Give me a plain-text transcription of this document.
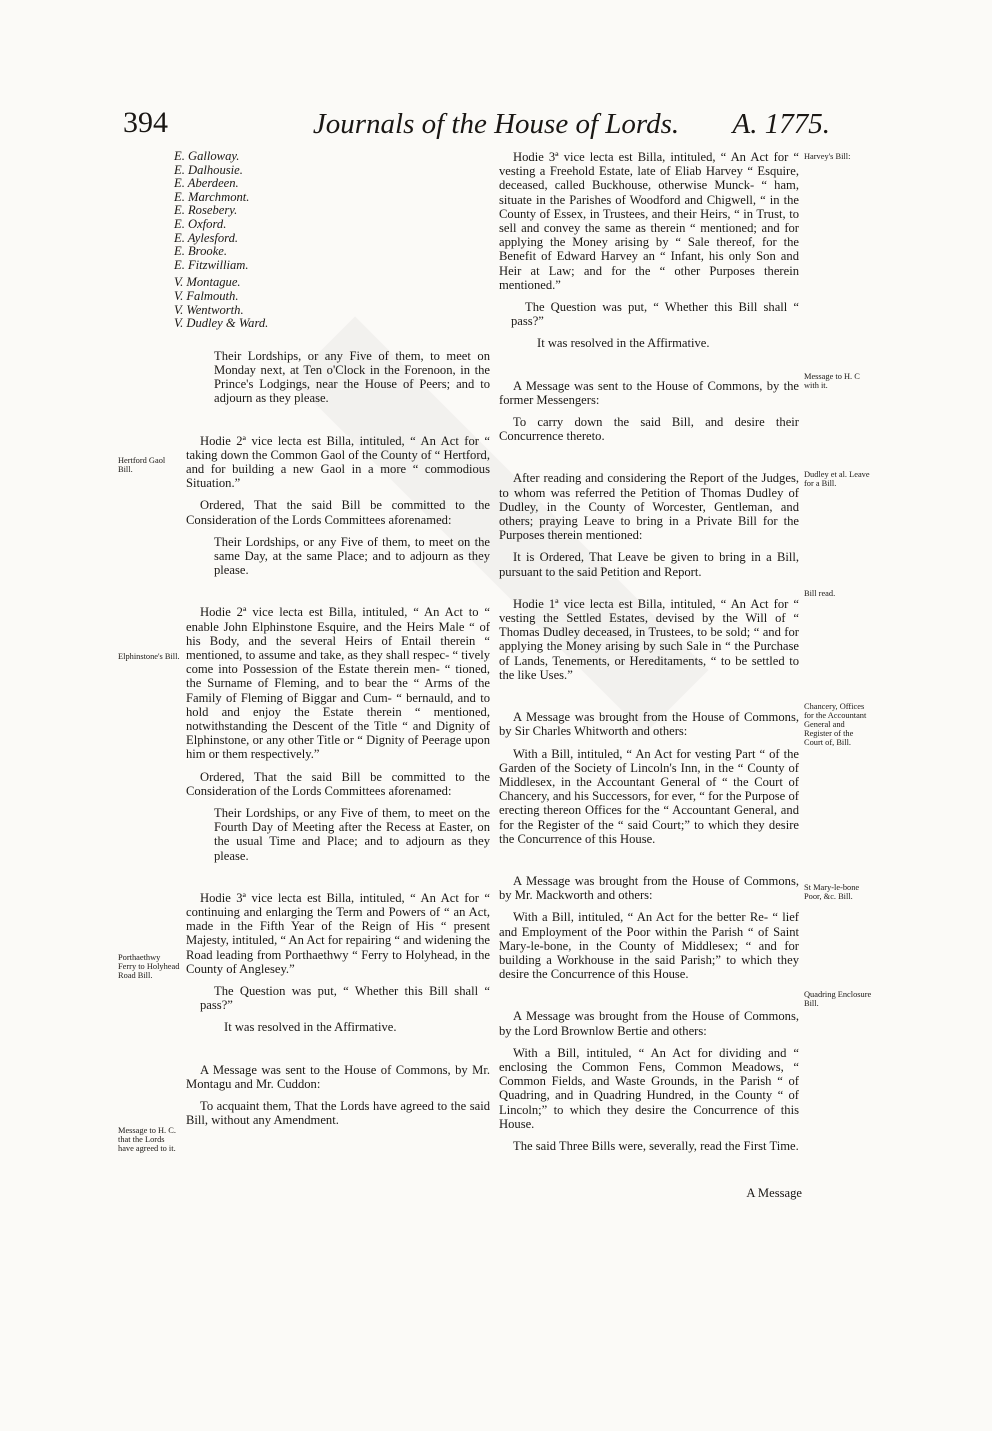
394	Journals of the House of Lords.	A. 1775.
Hertford Gaol Bill.
Elphinstone's Bill.
Porthaethwy Ferry to Holyhead Road Bill.
Message to H. C. that the Lords have agreed to it.
Harvey's Bill:
Message to H. C with it.
Dudley et al. Leave for a Bill.
Bill read.
Chancery, Offices for the Accountant General and Register of the Court of, Bill.
St Mary-le-bone Poor, &c. Bill.
Quadring Enclosure Bill.
E. Galloway.
E. Dalhousie.
E. Aberdeen.
E. Marchmont.
E. Rosebery.
E. Oxford.
E. Aylesford.
E. Brooke.
E. Fitzwilliam.
V. Montague.
V. Falmouth.
V. Wentworth.
V. Dudley & Ward.

Their Lordships, or any Five of them, to meet on Monday next, at Ten o'Clock in the Forenoon, in the Prince's Lodgings, near the House of Peers; and to adjourn as they please.

Hodie 2ª vice lecta est Billa, intituled, “ An Act for “ taking down the Common Gaol of the County of “ Hertford, and for building a new Gaol in a more “ commodious Situation.”

Ordered, That the said Bill be committed to the Consideration of the Lords Committees aforenamed:

Their Lordships, or any Five of them, to meet on the same Day, at the same Place; and to adjourn as they please.

Hodie 2ª vice lecta est Billa, intituled, “ An Act to “ enable John Elphinstone Esquire, and the Heirs Male “ of his Body, and the several Heirs of Entail therein “ mentioned, to assume and take, as they shall respec- “ tively come into Possession of the Estate therein men- “ tioned, the Surname of Fleming, and to bear the “ Arms of the Family of Fleming of Biggar and Cum- “ bernauld, and to hold and enjoy the Estate therein “ mentioned, notwithstanding the Descent of the Title “ and Dignity of Elphinstone, or any other Title or “ Dignity of Peerage upon him or them respectively.”

Ordered, That the said Bill be committed to the Consideration of the Lords Committees aforenamed:

Their Lordships, or any Five of them, to meet on the Fourth Day of Meeting after the Recess at Easter, on the usual Time and Place; and to adjourn as they please.

Hodie 3ª vice lecta est Billa, intituled, “ An Act for “ continuing and enlarging the Term and Powers of “ an Act, made in the Fifth Year of the Reign of His “ present Majesty, intituled, “ An Act for repairing “ and widening the Road leading from Porthaethwy “ Ferry to Holyhead, in the County of Anglesey.”

The Question was put, “ Whether this Bill shall “ pass?”

It was resolved in the Affirmative.

A Message was sent to the House of Commons, by Mr. Montagu and Mr. Cuddon:

To acquaint them, That the Lords have agreed to the said Bill, without any Amendment.

Hodie 3ª vice lecta est Billa, intituled, “ An Act for “ vesting a Freehold Estate, late of Eliab Harvey “ Esquire, deceased, called Buckhouse, otherwise Munck- “ ham, situate in the Parishes of Woodford and Chigwell, “ in the County of Essex, in Trustees, and their Heirs, “ in Trust, to sell and convey the same as therein “ mentioned; and for applying the Money arising by “ Sale thereof, for the Benefit of Edward Harvey an “ Infant, his only Son and Heir at Law; and for the “ other Purposes therein mentioned.”

The Question was put, “ Whether this Bill shall “ pass?”

It was resolved in the Affirmative.

A Message was sent to the House of Commons, by the former Messengers:

To carry down the said Bill, and desire their Concurrence thereto.

After reading and considering the Report of the Judges, to whom was referred the Petition of Thomas Dudley of Dudley, in the County of Worcester, Gentleman, and others; praying Leave to bring in a Private Bill for the Purposes therein mentioned:

It is Ordered, That Leave be given to bring in a Bill, pursuant to the said Petition and Report.

Hodie 1ª vice lecta est Billa, intituled, “ An Act for “ vesting the Settled Estates, devised by the Will of “ Thomas Dudley deceased, in Trustees, to be sold; “ and for applying the Money arising by such Sale in “ the Purchase of Lands, Tenements, or Hereditaments, “ to be settled to the like Uses.”

A Message was brought from the House of Commons, by Sir Charles Whitworth and others:

With a Bill, intituled, “ An Act for vesting Part “ of the Garden of the Society of Lincoln's Inn, in the “ County of Middlesex, in the Accountant General of “ the Court of Chancery, and his Successors, for ever, “ for the Purpose of erecting thereon Offices for the “ Accountant General, and for the Register of the “ said Court;” to which they desire the Concurrence of this House.

A Message was brought from the House of Commons, by Mr. Mackworth and others:

With a Bill, intituled, “ An Act for the better Re- “ lief and Employment of the Poor within the Parish “ of Saint Mary-le-bone, in the County of Middlesex; “ and for building a Workhouse in the said Parish;” to which they desire the Concurrence of this House.

A Message was brought from the House of Commons, by the Lord Brownlow Bertie and others:

With a Bill, intituled, “ An Act for dividing and “ enclosing the Common Fens, Common Meadows, “ Common Fields, and Waste Grounds, in the Parish “ of Quadring, and in Quadring Hundred, in the County “ of Lincoln;” to which they desire the Concurrence of this House.

The said Three Bills were, severally, read the First Time.

A Message
